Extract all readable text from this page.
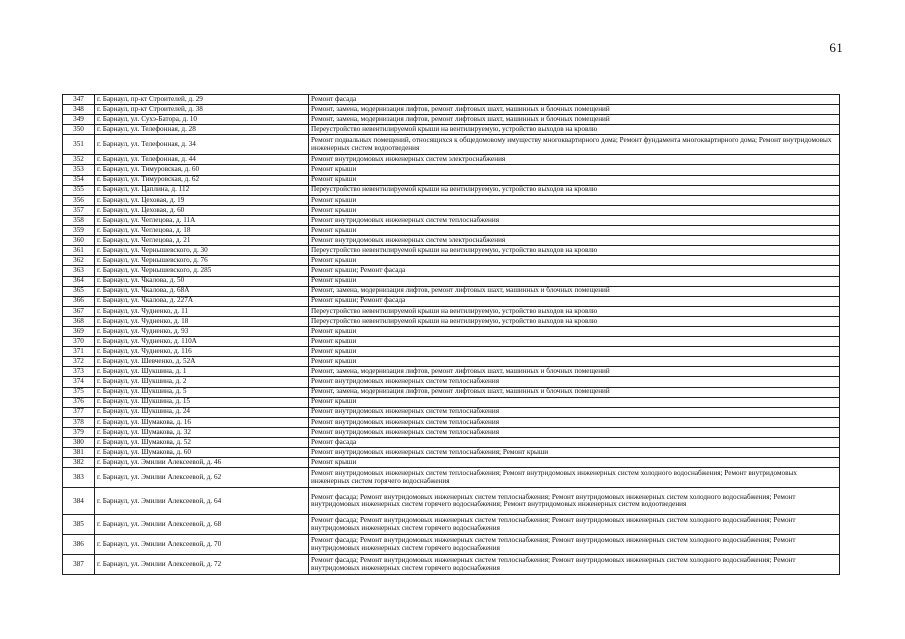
61
347	г. Барнаул, пр-кт Строителей, д. 29	Ремонт фасада
348	г. Барнаул, пр-кт Строителей, д. 38	Ремонт, замена, модернизация лифтов, ремонт лифтовых шахт, машинных и блочных помещений
349	г. Барнаул, ул. Сухэ-Батора, д. 10	Ремонт, замена, модернизация лифтов, ремонт лифтовых шахт, машинных и блочных помещений
350	г. Барнаул, ул. Телефонная, д. 28	Переустройство невентилируемой крыши на вентилируемую, устройство выходов на кровлю
351	г. Барнаул, ул. Телефонная, д. 34	Ремонт подвальных помещений, относящихся к общедомовому имуществу многоквартирного дома; Ремонт фундамента многоквартирного дома; Ремонт внутридомовых инженерных систем водоотведения
352	г. Барнаул, ул. Телефонная, д. 44	Ремонт внутридомовых инженерных систем электроснабжения
353	г. Барнаул, ул. Тимуровская, д. 60	Ремонт крыши
354	г. Барнаул, ул. Тимуровская, д. 62	Ремонт крыши
355	г. Барнаул, ул. Цаплина, д. 112	Переустройство невентилируемой крыши на вентилируемую, устройство выходов на кровлю
356	г. Барнаул, ул. Цеховая, д. 19	Ремонт крыши
357	г. Барнаул, ул. Цеховая, д. 60	Ремонт крыши
358	г. Барнаул, ул. Чеглецова, д. 11А	Ремонт внутридомовых инженерных систем теплоснабжения
359	г. Барнаул, ул. Чеглецова, д. 18	Ремонт крыши
360	г. Барнаул, ул. Чеглецова, д. 21	Ремонт внутридомовых инженерных систем электроснабжения
361	г. Барнаул, ул. Чернышевского, д. 30	Переустройство невентилируемой крыши на вентилируемую, устройство выходов на кровлю
362	г. Барнаул, ул. Чернышевского, д. 76	Ремонт крыши
363	г. Барнаул, ул. Чернышевского, д. 285	Ремонт крыши; Ремонт фасада
364	г. Барнаул, ул. Чкалова, д. 50	Ремонт крыши
365	г. Барнаул, ул. Чкалова, д. 68А	Ремонт, замена, модернизация лифтов, ремонт лифтовых шахт, машинных и блочных помещений
366	г. Барнаул, ул. Чкалова, д. 227А	Ремонт крыши; Ремонт фасада
367	г. Барнаул, ул. Чудненко, д. 11	Переустройство невентилируемой крыши на вентилируемую, устройство выходов на кровлю
368	г. Барнаул, ул. Чудненко, д. 18	Переустройство невентилируемой крыши на вентилируемую, устройство выходов на кровлю
369	г. Барнаул, ул. Чудненко, д. 93	Ремонт крыши
370	г. Барнаул, ул. Чудненко, д. 110А	Ремонт крыши
371	г. Барнаул, ул. Чудненко, д. 116	Ремонт крыши
372	г. Барнаул, ул. Шевченко, д. 52А	Ремонт крыши
373	г. Барнаул, ул. Шукшина, д. 1	Ремонт, замена, модернизация лифтов, ремонт лифтовых шахт, машинных и блочных помещений
374	г. Барнаул, ул. Шукшина, д. 2	Ремонт внутридомовых инженерных систем теплоснабжения
375	г. Барнаул, ул. Шукшина, д. 5	Ремонт, замена, модернизация лифтов, ремонт лифтовых шахт, машинных и блочных помещений
376	г. Барнаул, ул. Шукшина, д. 15	Ремонт крыши
377	г. Барнаул, ул. Шукшина, д. 24	Ремонт внутридомовых инженерных систем теплоснабжения
378	г. Барнаул, ул. Шумакова, д. 16	Ремонт внутридомовых инженерных систем теплоснабжения
379	г. Барнаул, ул. Шумакова, д. 32	Ремонт внутридомовых инженерных систем теплоснабжения
380	г. Барнаул, ул. Шумакова, д. 52	Ремонт фасада
381	г. Барнаул, ул. Шумакова, д. 60	Ремонт внутридомовых инженерных систем теплоснабжения; Ремонт крыши
382	г. Барнаул, ул. Эмилии Алексеевой, д. 46	Ремонт крыши
383	г. Барнаул, ул. Эмилии Алексеевой, д. 62	Ремонт внутридомовых инженерных систем теплоснабжения; Ремонт внутридомовых инженерных систем холодного водоснабжения; Ремонт внутридомовых инженерных систем горячего водоснабжения
384	г. Барнаул, ул. Эмилии Алексеевой, д. 64	Ремонт фасада; Ремонт внутридомовых инженерных систем теплоснабжения; Ремонт внутридомовых инженерных систем холодного водоснабжения; Ремонт внутридомовых инженерных систем горячего водоснабжения; Ремонт внутридомовых инженерных систем водоотведения
385	г. Барнаул, ул. Эмилии Алексеевой, д. 68	Ремонт фасада; Ремонт внутридомовых инженерных систем теплоснабжения; Ремонт внутридомовых инженерных систем холодного водоснабжения; Ремонт внутридомовых инженерных систем горячего водоснабжения
386	г. Барнаул, ул. Эмилии Алексеевой, д. 70	Ремонт фасада; Ремонт внутридомовых инженерных систем теплоснабжения; Ремонт внутридомовых инженерных систем холодного водоснабжения; Ремонт внутридомовых инженерных систем горячего водоснабжения
387	г. Барнаул, ул. Эмилии Алексеевой, д. 72	Ремонт фасада; Ремонт внутридомовых инженерных систем теплоснабжения; Ремонт внутридомовых инженерных систем холодного водоснабжения; Ремонт внутридомовых инженерных систем горячего водоснабжения
